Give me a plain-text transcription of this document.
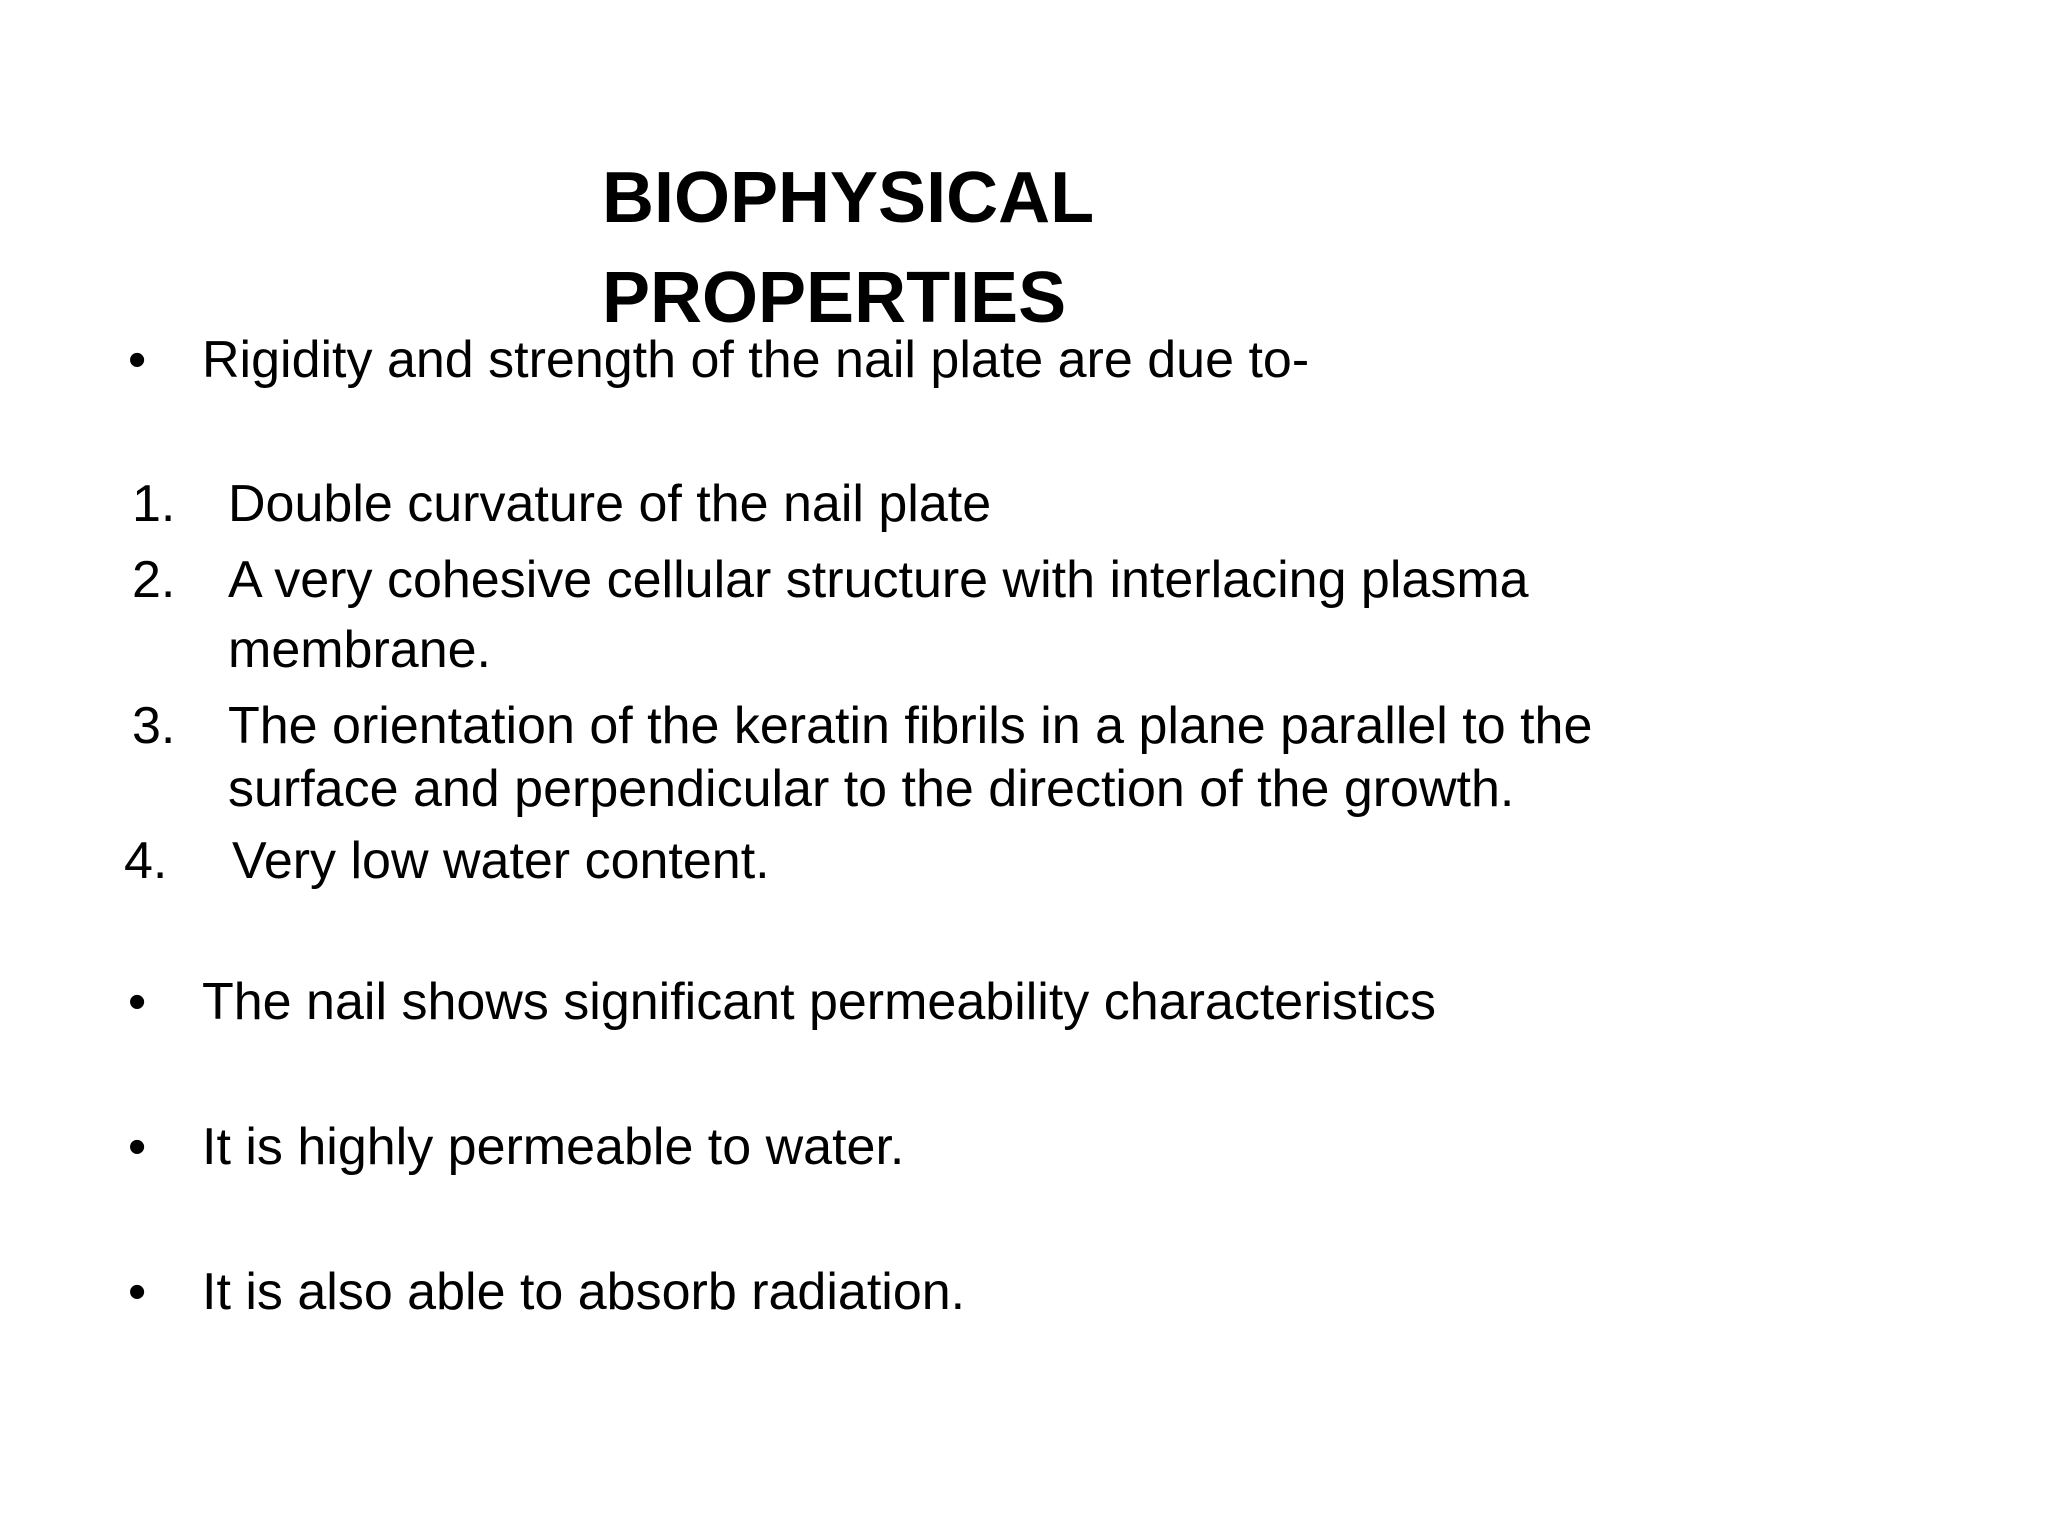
BIOPHYSICAL
PROPERTIES
• Rigidity and strength of the nail plate are due to-
1. Double curvature of the nail plate
2. A very cohesive cellular structure with interlacing plasma
membrane.
3. The orientation of the keratin fibrils in a plane parallel to the
surface and perpendicular to the direction of the growth.
4. Very low water content.
• The nail shows significant permeability characteristics
• It is highly permeable to water.
• It is also able to absorb radiation.
